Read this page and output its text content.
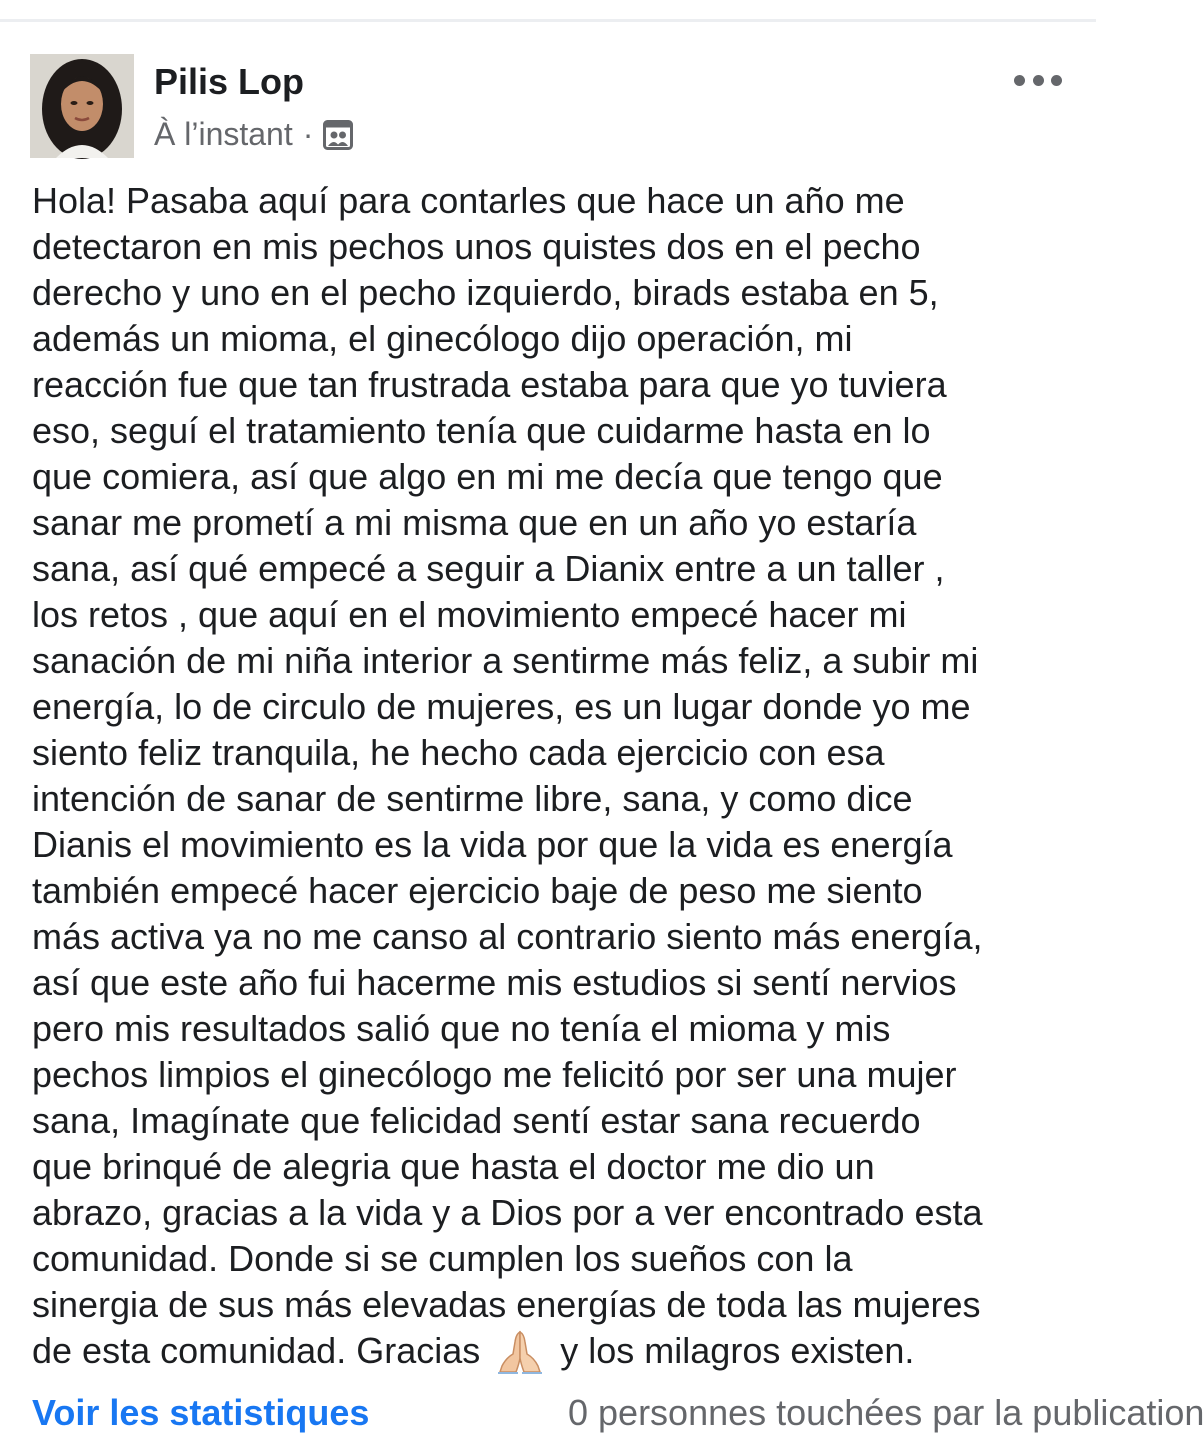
Pilis Lop
À l’instant ·
Hola! Pasaba aquí para contarles que hace un año me
detectaron en mis pechos unos quistes dos en el pecho
derecho y uno en el pecho izquierdo, birads estaba en 5,
además un mioma, el ginecólogo dijo operación, mi
reacción fue que tan frustrada estaba para que yo tuviera
eso, seguí el tratamiento tenía que cuidarme hasta en lo
que comiera, así que algo en mi me decía que tengo que
sanar me prometí a mi misma que en un año yo estaría
sana, así qué empecé a seguir a Dianix entre a un taller ,
los retos , que aquí en el movimiento empecé hacer mi
sanación de mi niña interior a sentirme más feliz, a subir mi
energía, lo de circulo de mujeres, es un lugar donde yo me
siento feliz tranquila, he hecho cada ejercicio con esa
intención de sanar de sentirme libre, sana, y como dice
Dianis el movimiento es la vida por que la vida es energía
también empecé hacer ejercicio baje de peso me siento
más activa ya no me canso al contrario siento más energía,
así que este año fui hacerme mis estudios si sentí nervios
pero mis resultados salió que no tenía el mioma y mis
pechos limpios el ginecólogo me felicitó por ser una mujer
sana, Imagínate que felicidad sentí estar sana recuerdo
que brinqué de alegria que hasta el doctor me dio un
abrazo, gracias a la vida y a Dios por a ver encontrado esta
comunidad. Donde si se cumplen los sueños con la
sinergia de sus más elevadas energías de toda las mujeres
de esta comunidad. Gracias y los milagros existen.
Voir les statistiques	0 personnes touchées par la publication
